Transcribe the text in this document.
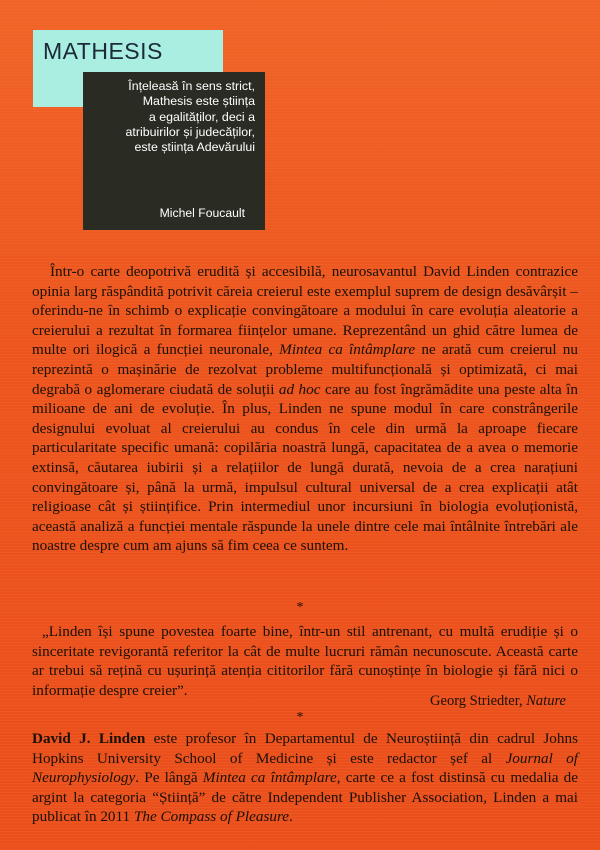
MATHESIS
Înțeleasă în sens strict,
Mathesis este știința
a egalităților, deci a
atribuirilor și judecăților,
este știința Adevărului
Michel Foucault
Într-o carte deopotrivă erudită și accesibilă, neurosavantul David Linden contrazice opinia larg răspândită potrivit căreia creierul este exemplul suprem de design desăvârșit – oferindu-ne în schimb o explicație convingătoare a modului în care evoluția aleatorie a creierului a rezultat în formarea ființelor umane. Reprezentând un ghid către lumea de multe ori ilogică a funcției neuronale, Mintea ca întâmplare ne arată cum creierul nu reprezintă o mașinărie de rezolvat probleme multifuncțională și optimizată, ci mai degrabă o aglomerare ciudată de soluții ad hoc care au fost îngrămădite una peste alta în milioane de ani de evoluție. În plus, Linden ne spune modul în care constrângerile designului evoluat al creierului au condus în cele din urmă la aproape fiecare particularitate specific umană: copilăria noastră lungă, capacitatea de a avea o memorie extinsă, căutarea iubirii și a relațiilor de lungă durată, nevoia de a crea narațiuni convingătoare și, până la urmă, impulsul cultural universal de a crea explicații atât religioase cât și științifice. Prin intermediul unor incursiuni în biologia evoluționistă, această analiză a funcției mentale răspunde la unele dintre cele mai întâlnite întrebări ale noastre despre cum am ajuns să fim ceea ce suntem.
*
„Linden își spune povestea foarte bine, într-un stil antrenant, cu multă erudiție și o sinceritate revigorantă referitor la cât de multe lucruri rămân necunoscute. Această carte ar trebui să rețină cu ușurință atenția cititorilor fără cunoștințe în biologie și fără nici o informație despre creier”.
Georg Striedter, Nature
*
David J. Linden este profesor în Departamentul de Neuroștiință din cadrul Johns Hopkins University School of Medicine și este redactor șef al Journal of Neurophysiology. Pe lângă Mintea ca întâmplare, carte ce a fost distinsă cu medalia de argint la categoria “Știință” de către Independent Publisher Association, Linden a mai publicat în 2011 The Compass of Pleasure.
